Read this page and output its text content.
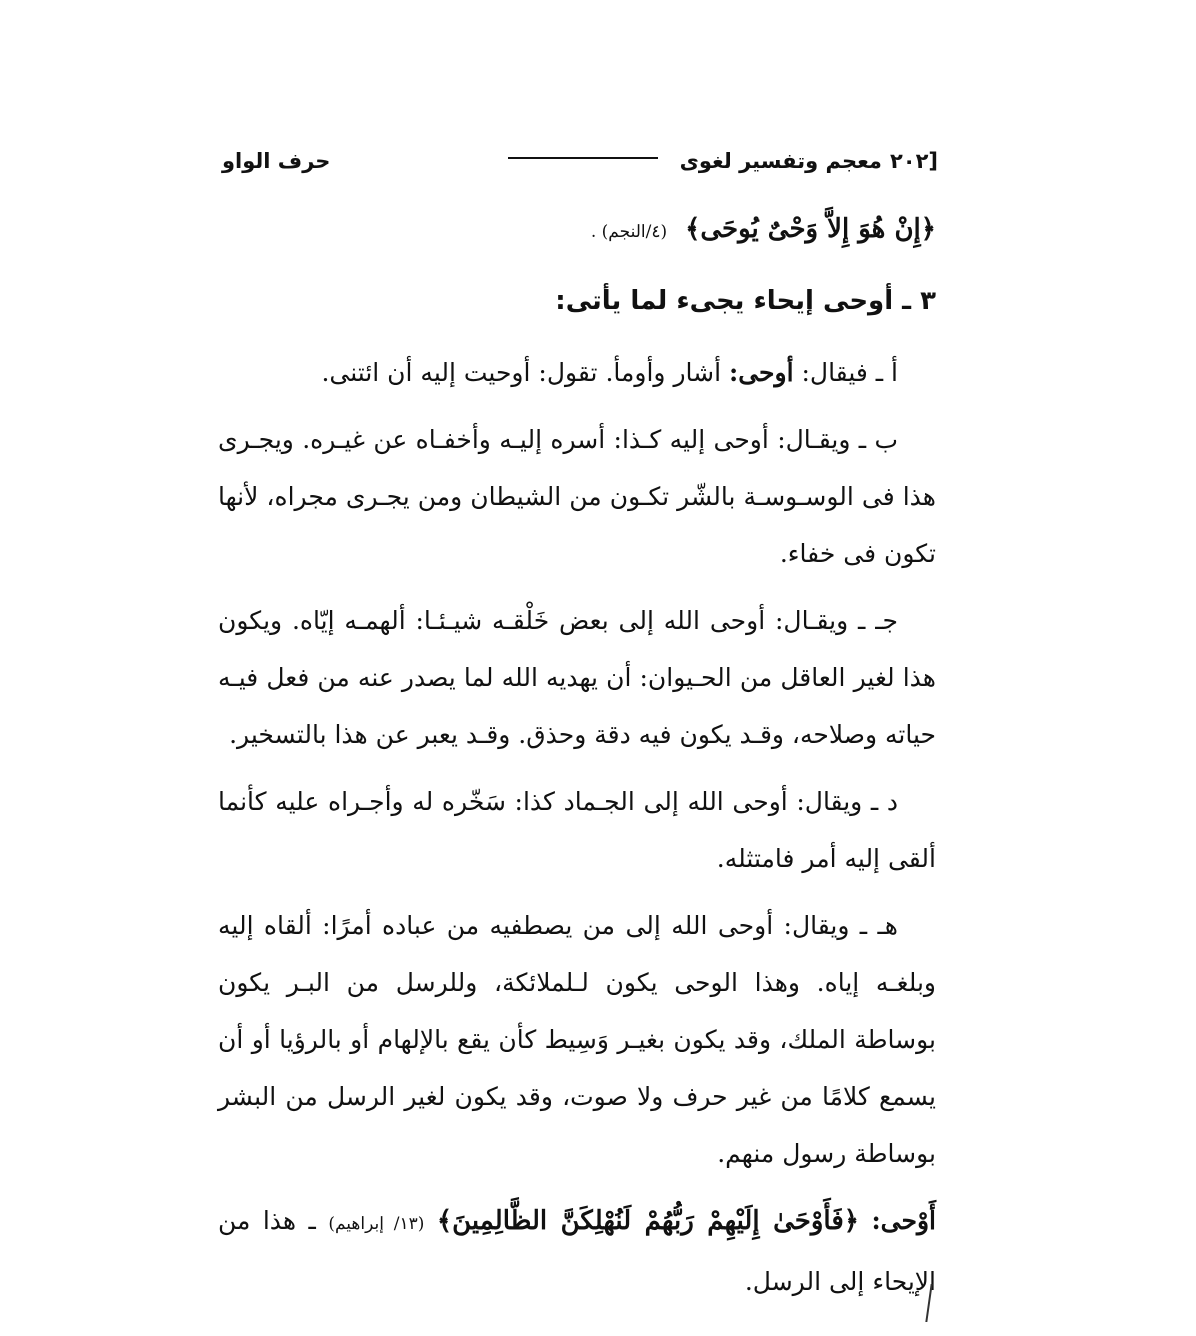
[٢٠٢
معجم وتفسير لغوى
حرف الواو
﴿إِنْ هُوَ إِلاَّ وَحْىٌ يُوحَى﴾ (٤/النجم) .
٣ ـ أوحى إيحاء يجىء لما يأتى:

أ ـ فيقال: أوحى: أشار وأومأ. تقول: أوحيت إليه أن ائتنى.

ب ـ ويقـال: أوحى إليه كـذا: أسره إليـه وأخفـاه عن غيـره. ويجـرى هذا فى الوسـوسـة بالشّر تكـون من الشيطان ومن يجـرى مجراه، لأنها تكون فى خفاء.

جـ ـ ويقـال: أوحى الله إلى بعض خَلْقـه شيـئـا: ألهمـه إيّاه. ويكون هذا لغير العاقل من الحـيوان: أن يهديه الله لما يصدر عنه من فعل فيـه حياته وصلاحه، وقـد يكون فيه دقة وحذق. وقـد يعبر عن هذا بالتسخير.

د ـ ويقال: أوحى الله إلى الجـماد كذا: سَخّره له وأجـراه عليه كأنما ألقى إليه أمر فامتثله.

هـ ـ ويقال: أوحى الله إلى من يصطفيه من عباده أمرًا: ألقاه إليه وبلغـه إياه. وهذا الوحى يكون لـلملائكة، وللرسل من البـر يكون بوساطة الملك، وقد يكون بغيـر وَسِيط كأن يقع بالإلهام أو بالرؤيا أو أن يسمع كلامًا من غير حرف ولا صوت، وقد يكون لغير الرسل من البشر بوساطة رسول منهم.

أَوْحى: ﴿فَأَوْحَىٰ إِلَيْهِمْ رَبُّهُمْ لَنُهْلِكَنَّ الظَّالِمِينَ﴾ (١٣/ إبراهيم) ـ هذا من الإيحاء إلى الرسل.
